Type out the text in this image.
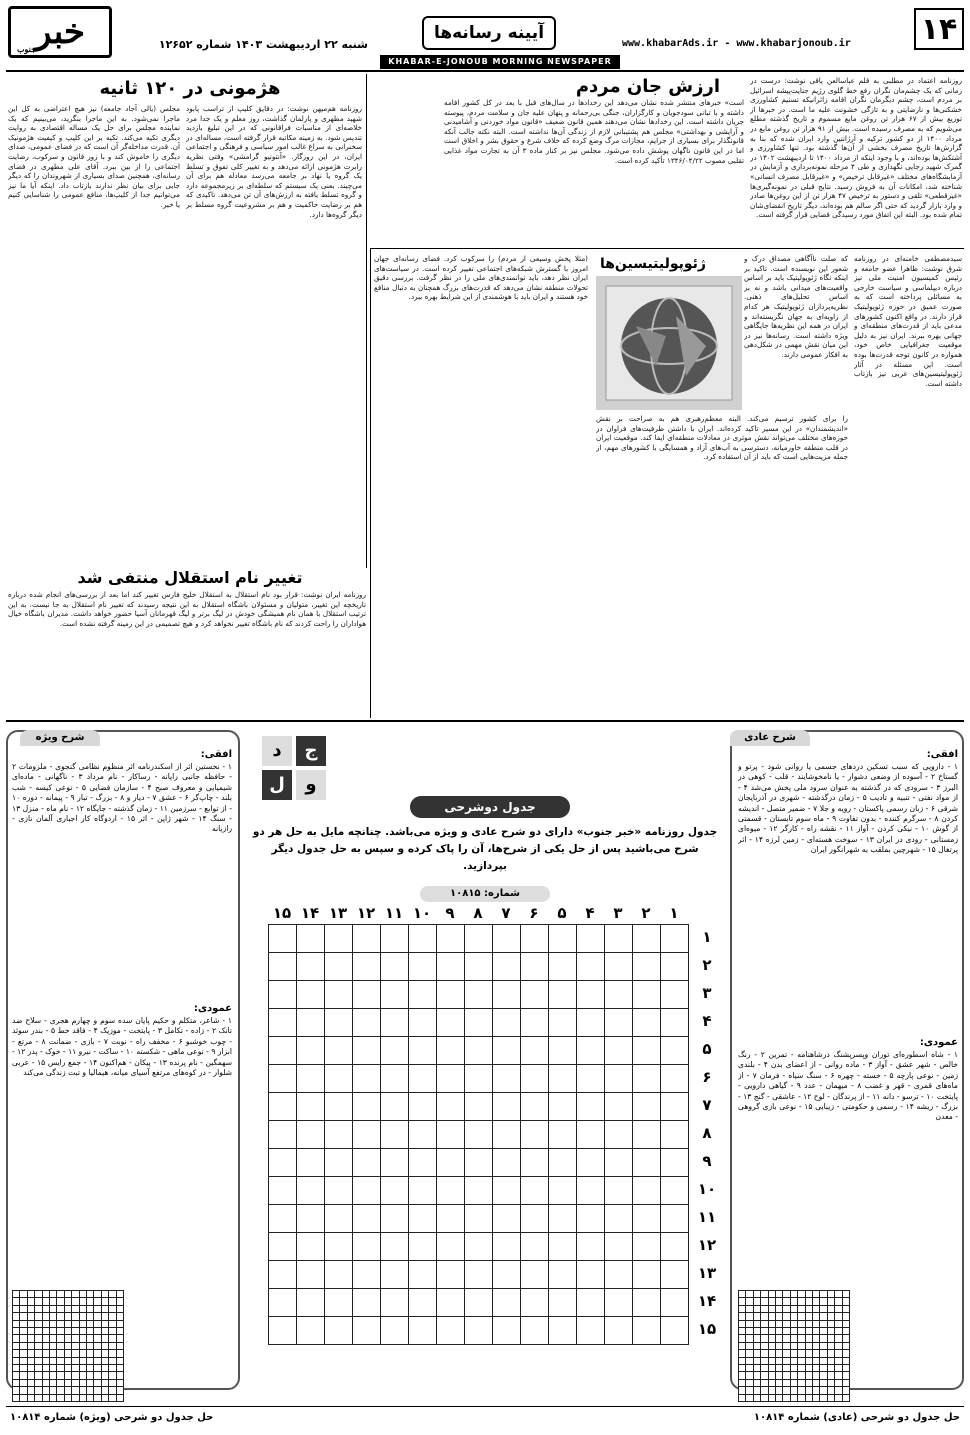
۱۴
www.khabarAds.ir - www.khabarjonoub.ir
آیینه رسانه‌ها
شنبه ۲۲ اردیبهشت ۱۴۰۳ شماره ۱۲۶۵۲
خبر
جنوب
KHABAR-E-JONOUB MORNING NEWSPAPER
ارزش جان مردم	روزنامه اعتماد در مطلبی به قلم عباسالعن یاقی نوشت: درست در زمانی که یک چشم‌مان نگران رفع خط گلوی رژیم جنایت‌پیشه اسرائیل بر مردم است، چشم دیگرمان نگران اقامه زائرانیکه تسنیم کشاورزی خشکنی‌ها و نارضایتی و به تازگی خشونت علیه ما است. در خبرها از توزیع بیش از ۶۷ هزار تن روغن مایع مسموم و تاریخ گذشته مطلع می‌شویم که به مصرف رسیده است. بیش از ۹۱ هزار تن روغن مایع در مرداد ۱۴۰۰ از دو کشور ترکیه و آرژانتین وارد ایران شده که بنا به گزارش‌ها تاریخ مصرف بخشی از آن‌ها گذشته بود. تنها کشاورزی و آشتکش‌ها بوده‌اند، و با وجود اینکه از مرداد ۱۴۰۰ تا اردیبهشت ۱۴۰۲ در گمرک شهید رجایی نگهداری و طی ۴ مرحله نمونه‌برداری و آزمایش در آزمایشگاه‌های مختلف «غیرقابل ترخیص» و «غیرقابل مصرف انسانی» شناخته شد، امکانات آن به فروش رسید. نتایج قبلی در نمونه‌گیری‌ها «غیرقطعی» تلقی و دستور به ترخیص ۴۷ هزار تن از این روغن‌ها صادر و وارد بازار گردید که حتی اگر سالم هم بوده‌اند، دیگر تاریخ انقضای‌شان تمام شده بود. البته این اتفاق مورد رسیدگی قضایی قرار گرفته است.
است» خبرهای منتشر شده نشان می‌دهد این رخدادها در سال‌های قبل با بعد در کل کشور اقامه داشته و با تبانی سودجویان و کارگزاران، جنگی بی‌رحمانه و پنهان علیه جان و سلامت مردم، پیوسته جریان داشته است. این رخدادها نشان می‌دهند همین قانون ضعیف «قانون مواد خوردنی و آشامیدنی و آرایشی و بهداشتی» مجلس هم پشتیبانی لازم از زندگی آن‌ها نداشته است. البته نکته جالب آنکه قانونگذار برای بسیاری از جرایم، مجازات مرگ وضع کرده که خلاف شرع و حقوق بشر و اخلاق است اما در این قانون ناگهان پوشش داده می‌شود. مجلس نیز بر کنار ماده ۳ آن به تجارت مواد غذایی تقلبی مصوب ۱۳۴۶/۰۴/۲۲ تأکید کرده است.
هژمونی در ۱۲۰ ثانیه
روزنامه هم‌میهن نوشت: در دقایق کلیپ از تراسب پابود شهید مطهری و پارلمان گذاشت، روز معلم و یک جدا مرد خلاصه‌ای از مناسبات فراقانونی که در این تبلیغ بازدید تندیس شود. به زمینه مکاتبه قرار گرفته است، مساله‌ای در سخنرانی به سراغ غالب امور سیاسی و فرهنگی و اجتماعی ایران، در این روزگار. «آنتونیو گرامشی» وقتی نظریه رابرت هژمونی ارائه می‌دهد و به تغییر کلی تفوق و تسلط یک گروه یا نهاد بر جامعه می‌رسد معادله هم برای آن می‌چیند. یعنی یک سیستم که سلطه‌ای بر زیرمجموعه دارد و گروه تسلط یافته به ارزش‌های آن تن می‌دهد. تاکیدی که هم بر رضایت حاکمیت و هم بر مشروعیت گروه مسلط بر دیگر گروه‌ها دارد.
مجلس (یالی آجاد جامعه) نیز هیچ اعتراضی به کل این ماجرا نمی‌شود. به این ماجرا بنگرید، می‌بینیم که یک نماینده مجلس برای حل یک مساله اقتصادی به روایت دیگری تکیه می‌کند. تکیه بر این کلیپ و کیفیت هژمونیک آن. قدرت مداخله‌گر آن است که در فضای عمومی، صدای دیگری را خاموش کند و با زور قانون و سرکوب، رضایت اجتماعی را از بین ببرد. آقای علی مطهری در فضای رسانه‌ای، همچنین صدای بسیاری از شهروندان را که دیگر جایی برای بیان نظر ندارند بازتاب داد. اینکه آیا ما نیز می‌توانیم جدا از کلیپ‌ها، منافع عمومی را شناسایی کنیم یا خیر.
ژئوپولیتیسین‌ها	سیدمصطفی خامنه‌ای در روزنامه شرق نوشت: ظاهرا عضو جامعه و رئیس کمیسیون امنیت ملی نیز درباره دیپلماسی و سیاست خارجی به مسائلی پرداخته است که به صورت عمیق در حوزه ژئوپولیتیک قرار دارند. در واقع اکنون کشورهای مدعی باید از قدرت‌های منطقه‌ای و جهانی بهره ببرند. ایران نیز به دلیل موقعیت جغرافیایی خاص خود، همواره در کانون توجه قدرت‌ها بوده است. این مسئله در آثار ژئوپولیتیسین‌های غربی نیز بازتاب داشته است.
که صلت ناآگاهی مصداق درک و شعور این نویسنده است. تاکید بر اینکه نگاه ژئوپولیتیک باید بر اساس واقعیت‌های میدانی باشد و نه بر اساس تحلیل‌های ذهنی. نظریه‌پردازان ژئوپولیتیک هر کدام از زاویه‌ای به جهان نگریسته‌اند و ایران در همه این نظریه‌ها جایگاهی ویژه داشته است. رسانه‌ها نیز در این میان نقش مهمی در شکل‌دهی به افکار عمومی دارند.
را برای کشور ترسیم می‌کند. البته معظم‌رهبری هم به صراحت بر نقش «اندیشمندان» در این مسیر تاکید کرده‌اند. ایران با داشتن ظرفیت‌های فراوان در حوزه‌های مختلف می‌تواند نقش موثری در معادلات منطقه‌ای ایفا کند. موقعیت ایران در قلب منطقه خاورمیانه، دسترسی به آب‌های آزاد و همسایگی با کشورهای مهم، از جمله مزیت‌هایی است که باید از آن استفاده کرد.
(مثلا پخش وسیعی از مردم) را سرکوب کرد. فضای رسانه‌ای جهان امروز با گسترش شبکه‌های اجتماعی تغییر کرده است. در سیاست‌های ایران نظر دهد، باید توانمندی‌های ملی را در نظر گرفت. بررسی دقیق تحولات منطقه نشان می‌دهد که قدرت‌های بزرگ همچنان به دنبال منافع خود هستند و ایران باید با هوشمندی از این شرایط بهره ببرد.
تغییر نام استقلال منتفی شد
روزنامه ایران نوشت: قرار بود نام استقلال به استقلال خلیج فارس تغییر کند اما بعد از بررسی‌های انجام شده درباره تاریخچه این تغییر، متولیان و مسئولان باشگاه استقلال به این نتیجه رسیدند که تغییر نام استقلال به جا نیست. به این ترتیب استقلال با همان نام همیشگی خودش در لیگ برتر و لیگ قهرمانان آسیا حضور خواهد داشت. مدیران باشگاه خیال هواداران را راحت کردند که نام باشگاه تغییر نخواهد کرد و هیچ تصمیمی در این زمینه گرفته نشده است.
شرح عادی
افقی:
۱ - دارویی که سبب تسکین دردهای جسمی یا روانی شود - پرتو و گستاخ ۲ - آسوده از وضعی دشوار - یا نامخوشایند - قلب - کوهی در البرز ۳ - سرودی که در گذشته به عنوان سرود ملی پخش می‌شد ۴ - از مواد نفتی - تنبیه و تادیب ۵ - زمان درگذشته - شهری در آذربایجان شرقی ۶ - زبان رسمی پاکستان - رویه و جلا ۷ - ضمیر متصل - اندیشه کردن ۸ - سرگرم کننده - بدون تفاوت ۹ - ماه سوم تابستان - قسمتی از گوش ۱۰ - نیکی کردن - آواز ۱۱ - نقشه راه - کارگر ۱۲ - میوه‌ای زمستانی - رودی در ایران ۱۳ - سوخت هسته‌ای - زمین لرزه ۱۴ - اثر پرتغال ۱۵ - شهرچین بملقب به شهرانگور ایران
عمودی:
۱ - شاه اسطوره‌ای توران وپسرپشنگ درشاهنامه - تمرین ۲ - رنگ خالص - شهر عشق - آواز ۳ - ماده روانی - از اعضای بدن ۴ - بلندی زمین - نوعی پارچه ۵ - خسته - چهره ۶ - سنگ سیاه - فرمان ۷ - از ماه‌های قمری - قهر و غضب ۸ - میهمان - عدد ۹ - گیاهی دارویی - پایتخت ۱۰ - ترسو - دانه ۱۱ - از پرندگان - لوح ۱۲ - عاشقی - گنج ۱۳ - بزرگ - ریشه ۱۴ - رسمی و حکومتی - زیبایی ۱۵ - نوعی بازی گروهی - معدن
شرح ویژه
افقی:
۱ - نخستین اثر از اسکندرنامه اثر منظوم نظامی گنجوی - ملزومات ۲ - حافظه جانبی رایانه - رساکار - نام مرداد ۳ - ناگهانی - ماده‌ای شیمیایی و معروف صبح ۴ - سازمان فضایی ۵ - نوعی کیسه - شب بلند - چاپ‌گر ۶ - عشق ۷ - دیار و ۸ - بزرگ - تبار ۹ - پیمانه - دوره ۱۰ - از توابع - سرزمین ۱۱ - زمان گذشته - جایگاه ۱۲ - نام ماه - منزل ۱۳ - سنگ ۱۴ - شهر ژاپن - اثر ۱۵ - اردوگاه کار اجباری آلمان نازی - رازیانه
عمودی:
۱ - شاعر، متکلم و حکیم پایان سده سوم و چهارم هجری - سلاح ضد تانک ۲ - زاده - تکامل ۳ - پایتخت - موزیک ۴ - فاقد خط ۵ - بندر سوئد - چوب خوشبو ۶ - مخفف راه - نوبت ۷ - بازی - ضمانت ۸ - مرتع - ابزار ۹ - نوعی ماهی - شکسته ۱۰ - ساکت - نیرو ۱۱ - خوک - پدر ۱۲ - سهمگین - نام پرنده ۱۳ - پیکان - هم‌اکنون ۱۴ - جمع رایس ۱۵ - عربی شلوار - در کوه‌های مرتفع آسیای میانه، هیمالیا و تبت زندگی می‌کند
ج
د
و
ل
جدول دوشرحی
جدول روزنامه «خبر جنوب» دارای دو شرح عادی و ویژه می‌باشد. چنانچه مایل به حل هر دو شرح می‌باشید پس از حل یکی از شرح‌ها، آن را پاک کرده و سپس به حل جدول دیگر بپردازید.
شماره: ۱۰۸۱۵
۱
۲
۳
۴
۵
۶
۷
۸
۹
۱۰
۱۱
۱۲
۱۳
۱۴
۱۵
۱
۲
۳
۴
۵
۶
۷
۸
۹
۱۰
۱۱
۱۲
۱۳
۱۴
۱۵
حل جدول دو شرحی (عادی) شماره ۱۰۸۱۴
حل جدول دو شرحی (ویژه) شماره ۱۰۸۱۴
